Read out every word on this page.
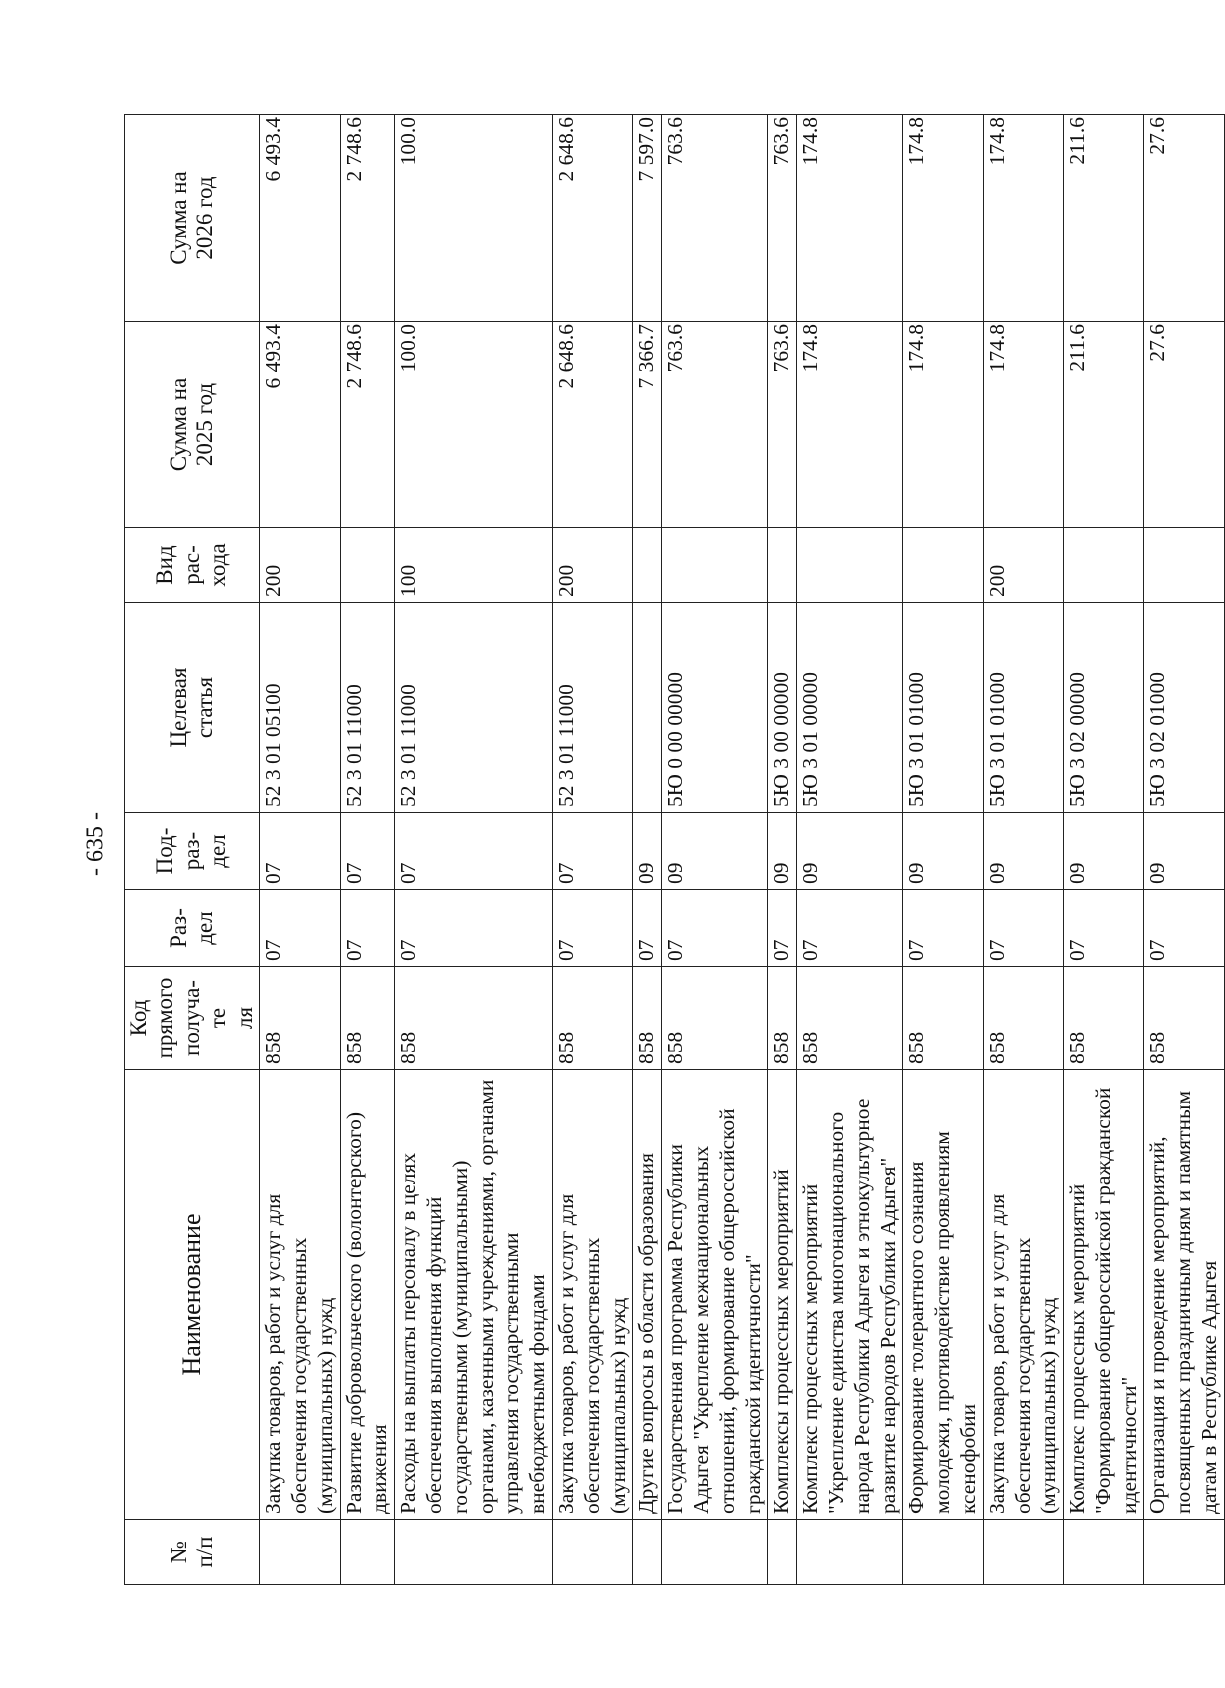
- 635 -
№
п/п	Наименование	Код
прямого
получа-те
ля	Раз-
дел	Под-
раз-
дел	Целевая
статья	Вид
рас-
хода	Сумма на
2025 год	Сумма на
2026 год
	Закупка товаров, работ и услуг для обеспечения государственных (муниципальных) нужд	858	07	07	52 3 01 05100	200	6 493.4	6 493.4
	Развитие добровольческого (волонтерского) движения	858	07	07	52 3 01 11000		2 748.6	2 748.6
	Расходы на выплаты персоналу в целях обеспечения выполнения функций государственными (муниципальными) органами, казенными учреждениями, органами управления государственными внебюджетными фондами	858	07	07	52 3 01 11000	100	100.0	100.0
	Закупка товаров, работ и услуг для обеспечения государственных (муниципальных) нужд	858	07	07	52 3 01 11000	200	2 648.6	2 648.6
	Другие вопросы в области образования	858	07	09			7 366.7	7 597.0
	Государственная программа Республики Адыгея "Укрепление межнациональных отношений, формирование общероссийской гражданской идентичности"	858	07	09	5Ю 0 00 00000		763.6	763.6
	Комплексы процессных мероприятий	858	07	09	5Ю 3 00 00000		763.6	763.6
	Комплекс процессных мероприятий "Укрепление единства многонационального народа Республики Адыгея и этнокультурное развитие народов Республики Адыгея"	858	07	09	5Ю 3 01 00000		174.8	174.8
	Формирование толерантного сознания молодежи, противодействие проявлениям ксенофобии	858	07	09	5Ю 3 01 01000		174.8	174.8
	Закупка товаров, работ и услуг для обеспечения государственных (муниципальных) нужд	858	07	09	5Ю 3 01 01000	200	174.8	174.8
	Комплекс процессных мероприятий "Формирование общероссийской гражданской идентичности"	858	07	09	5Ю 3 02 00000		211.6	211.6
	Организация и проведение мероприятий, посвященных праздничным дням и памятным датам в Республике Адыгея	858	07	09	5Ю 3 02 01000		27.6	27.6
